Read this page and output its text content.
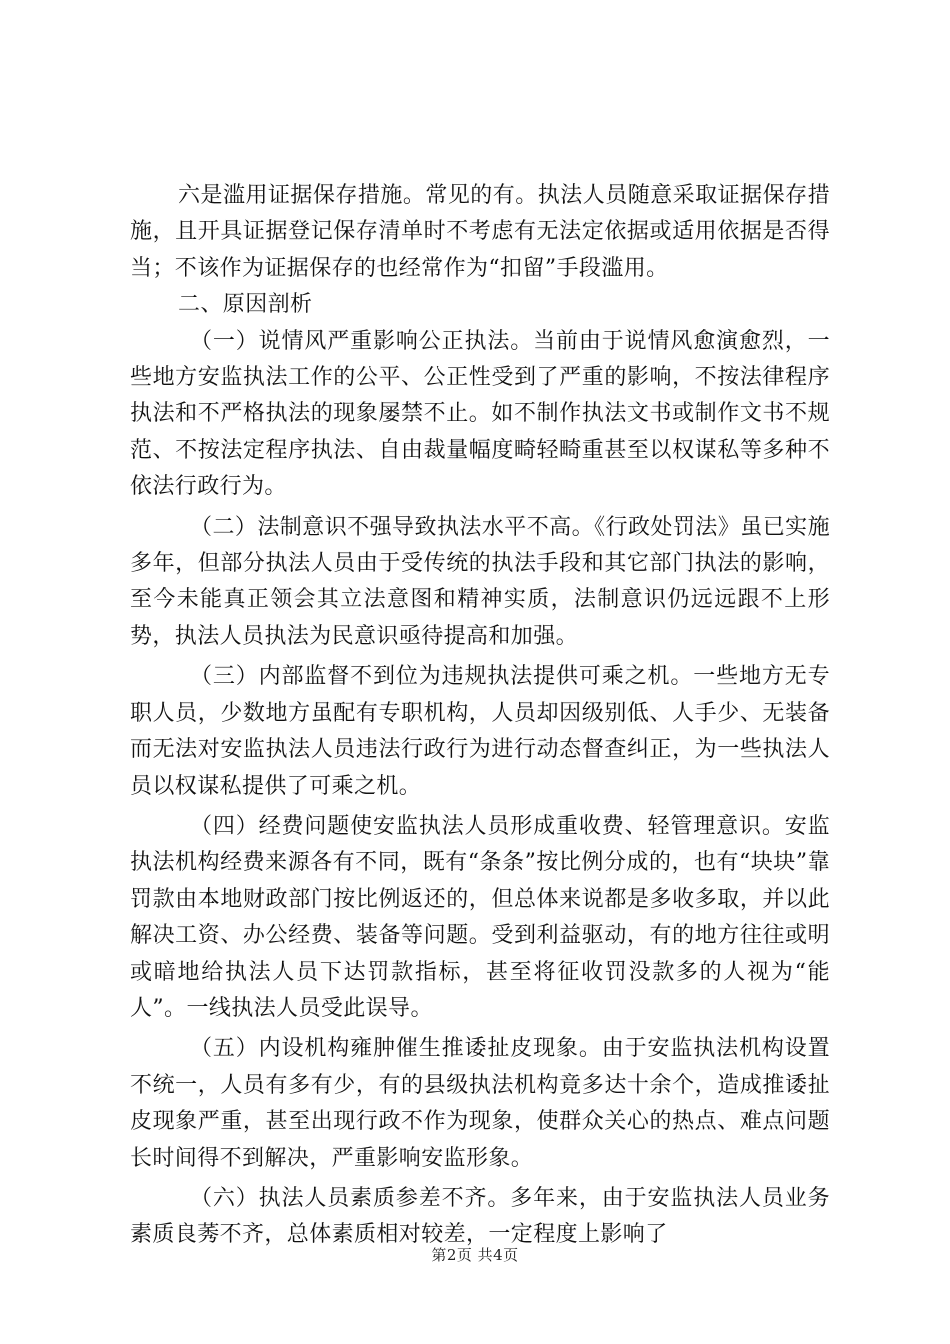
六是滥用证据保存措施。常见的有。执法人员随意采取证据保存措施，且开具证据登记保存清单时不考虑有无法定依据或适用依据是否得当；不该作为证据保存的也经常作为“扣留”手段滥用。

二、原因剖析

（一）说情风严重影响公正执法。当前由于说情风愈演愈烈，一些地方安监执法工作的公平、公正性受到了严重的影响，不按法律程序执法和不严格执法的现象屡禁不止。如不制作执法文书或制作文书不规范、不按法定程序执法、自由裁量幅度畸轻畸重甚至以权谋私等多种不依法行政行为。

（二）法制意识不强导致执法水平不高。《行政处罚法》虽已实施多年，但部分执法人员由于受传统的执法手段和其它部门执法的影响，至今未能真正领会其立法意图和精神实质，法制意识仍远远跟不上形势，执法人员执法为民意识亟待提高和加强。

（三）内部监督不到位为违规执法提供可乘之机。一些地方无专职人员，少数地方虽配有专职机构，人员却因级别低、人手少、无装备而无法对安监执法人员违法行政行为进行动态督查纠正，为一些执法人员以权谋私提供了可乘之机。

（四）经费问题使安监执法人员形成重收费、轻管理意识。安监执法机构经费来源各有不同，既有“条条”按比例分成的，也有“块块”靠罚款由本地财政部门按比例返还的，但总体来说都是多收多取，并以此解决工资、办公经费、装备等问题。受到利益驱动，有的地方往往或明或暗地给执法人员下达罚款指标，甚至将征收罚没款多的人视为“能人”。一线执法人员受此误导。

（五）内设机构雍肿催生推诿扯皮现象。由于安监执法机构设置不统一，人员有多有少，有的县级执法机构竟多达十余个，造成推诿扯皮现象严重，甚至出现行政不作为现象，使群众关心的热点、难点问题长时间得不到解决，严重影响安监形象。

（六）执法人员素质参差不齐。多年来，由于安监执法人员业务素质良莠不齐，总体素质相对较差，一定程度上影响了

第2页 共4页
